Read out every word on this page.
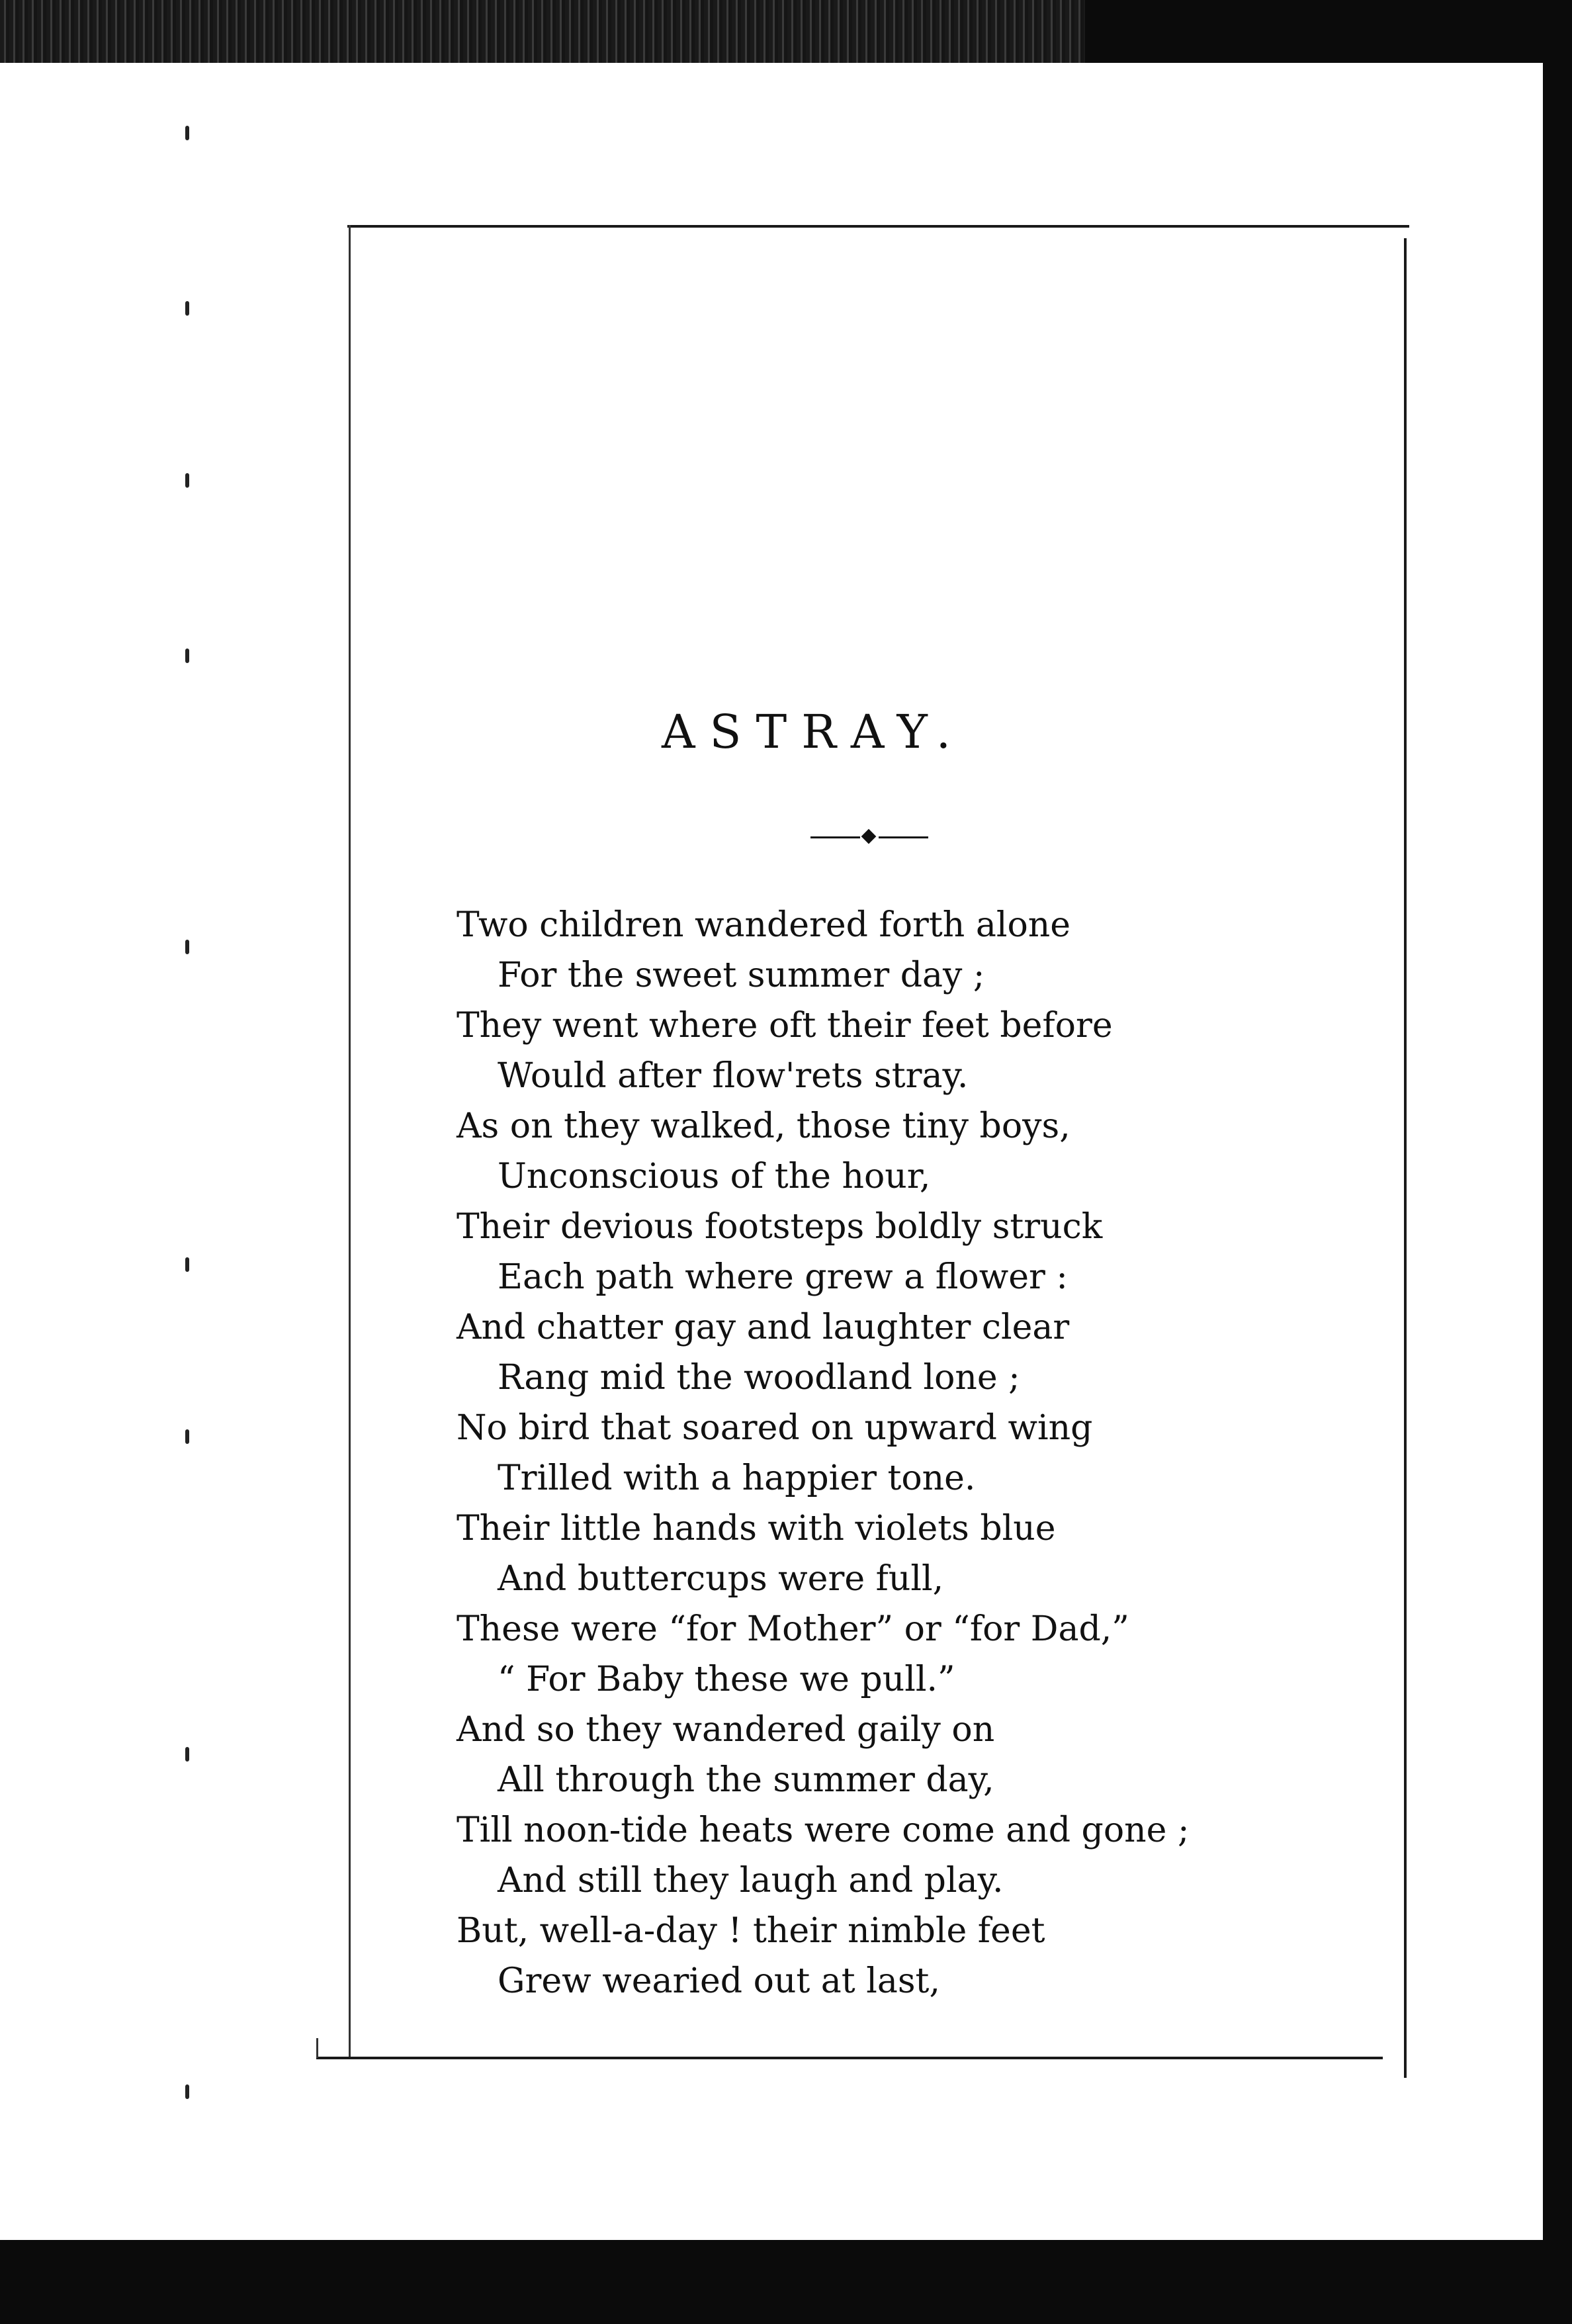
ASTRAY.
Two children wandered forth alone
For the sweet summer day ;
They went where oft their feet before
Would after flow'rets stray.
As on they walked, those tiny boys,
Unconscious of the hour,
Their devious footsteps boldly struck
Each path where grew a flower :
And chatter gay and laughter clear
Rang mid the woodland lone ;
No bird that soared on upward wing
Trilled with a happier tone.
Their little hands with violets blue
And buttercups were full,
These were “for Mother” or “for Dad,”
“ For Baby these we pull.”
And so they wandered gaily on
All through the summer day,
Till noon-tide heats were come and gone ;
And still they laugh and play.
But, well-a-day ! their nimble feet
Grew wearied out at last,
